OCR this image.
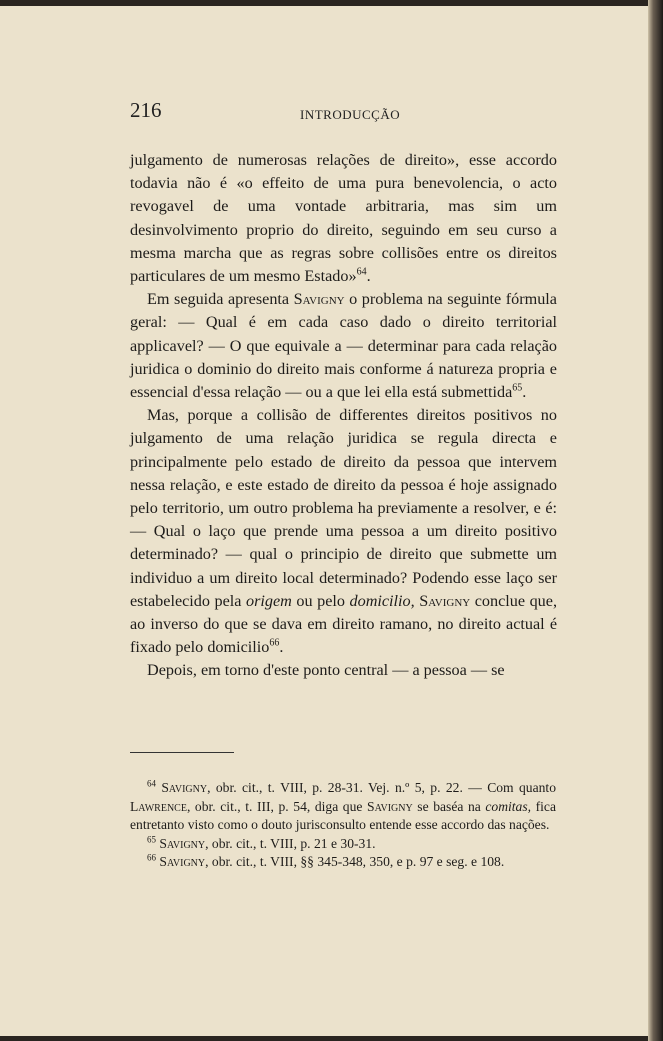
216	INTRODUCÇÃO

julgamento de numerosas relações de direito», esse accordo todavia não é «o effeito de uma pura benevolencia, o acto revogavel de uma vontade arbitraria, mas sim um desinvolvimento proprio do direito, seguindo em seu curso a mesma marcha que as regras sobre collisões entre os direitos particulares de um mesmo Estado»$^{64}$.

Em seguida apresenta Savigny o problema na seguinte fórmula geral: — Qual é em cada caso dado o direito territorial applicavel? — O que equivale a — determinar para cada relação juridica o dominio do direito mais conforme á natureza propria e essencial d'essa relação — ou a que lei ella está submettida$^{65}$.

Mas, porque a collisão de differentes direitos positivos no julgamento de uma relação juridica se regula directa e principalmente pelo estado de direito da pessoa que intervem nessa relação, e este estado de direito da pessoa é hoje assignado pelo territorio, um outro problema ha previamente a resolver, e é: — Qual o laço que prende uma pessoa a um direito positivo determinado? — qual o principio de direito que submette um individuo a um direito local determinado? Podendo esse laço ser estabelecido pela origem ou pelo domicilio, Savigny conclue que, ao inverso do que se dava em direito ramano, no direito actual é fixado pelo domicilio$^{66}$.

Depois, em torno d'este ponto central — a pessoa — se

$^{64}$ Savigny, obr. cit., t. VIII, p. 28-31. Vej. n.º 5, p. 22. — Com quanto Lawrence, obr. cit., t. III, p. 54, diga que Savigny se baséa na comitas, fica entretanto visto como o douto jurisconsulto entende esse accordo das nações.

$^{65}$ Savigny, obr. cit., t. VIII, p. 21 e 30-31.

$^{66}$ Savigny, obr. cit., t. VIII, §§ 345-348, 350, e p. 97 e seg. e 108.
